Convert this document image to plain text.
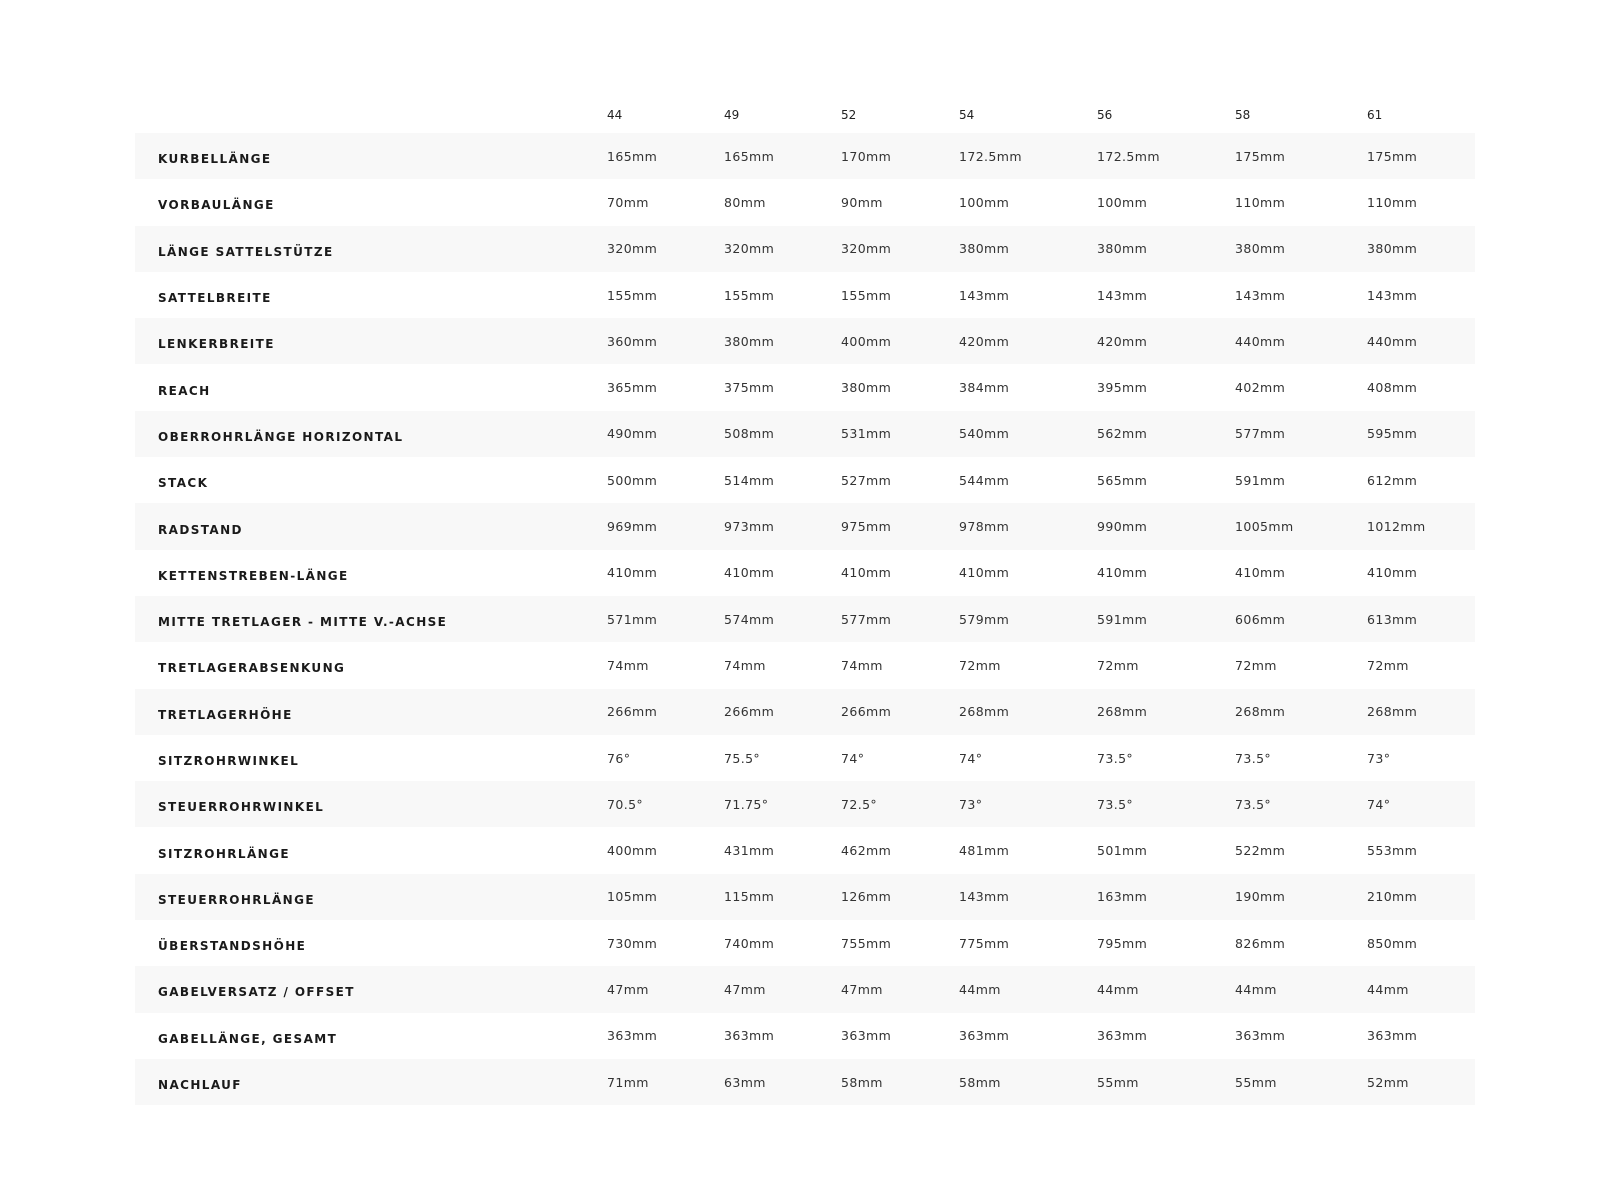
44	49	52	54	56	58	61
KURBELLÄNGE	165mm	165mm	170mm	172.5mm	172.5mm	175mm	175mm
VORBAULÄNGE	70mm	80mm	90mm	100mm	100mm	110mm	110mm
LÄNGE SATTELSTÜTZE	320mm	320mm	320mm	380mm	380mm	380mm	380mm
SATTELBREITE	155mm	155mm	155mm	143mm	143mm	143mm	143mm
LENKERBREITE	360mm	380mm	400mm	420mm	420mm	440mm	440mm
REACH	365mm	375mm	380mm	384mm	395mm	402mm	408mm
OBERROHRLÄNGE HORIZONTAL	490mm	508mm	531mm	540mm	562mm	577mm	595mm
STACK	500mm	514mm	527mm	544mm	565mm	591mm	612mm
RADSTAND	969mm	973mm	975mm	978mm	990mm	1005mm	1012mm
KETTENSTREBEN-LÄNGE	410mm	410mm	410mm	410mm	410mm	410mm	410mm
MITTE TRETLAGER - MITTE V.-ACHSE	571mm	574mm	577mm	579mm	591mm	606mm	613mm
TRETLAGERABSENKUNG	74mm	74mm	74mm	72mm	72mm	72mm	72mm
TRETLAGERHÖHE	266mm	266mm	266mm	268mm	268mm	268mm	268mm
SITZROHRWINKEL	76°	75.5°	74°	74°	73.5°	73.5°	73°
STEUERROHRWINKEL	70.5°	71.75°	72.5°	73°	73.5°	73.5°	74°
SITZROHRLÄNGE	400mm	431mm	462mm	481mm	501mm	522mm	553mm
STEUERROHRLÄNGE	105mm	115mm	126mm	143mm	163mm	190mm	210mm
ÜBERSTANDSHÖHE	730mm	740mm	755mm	775mm	795mm	826mm	850mm
GABELVERSATZ / OFFSET	47mm	47mm	47mm	44mm	44mm	44mm	44mm
GABELLÄNGE, GESAMT	363mm	363mm	363mm	363mm	363mm	363mm	363mm
NACHLAUF	71mm	63mm	58mm	58mm	55mm	55mm	52mm
